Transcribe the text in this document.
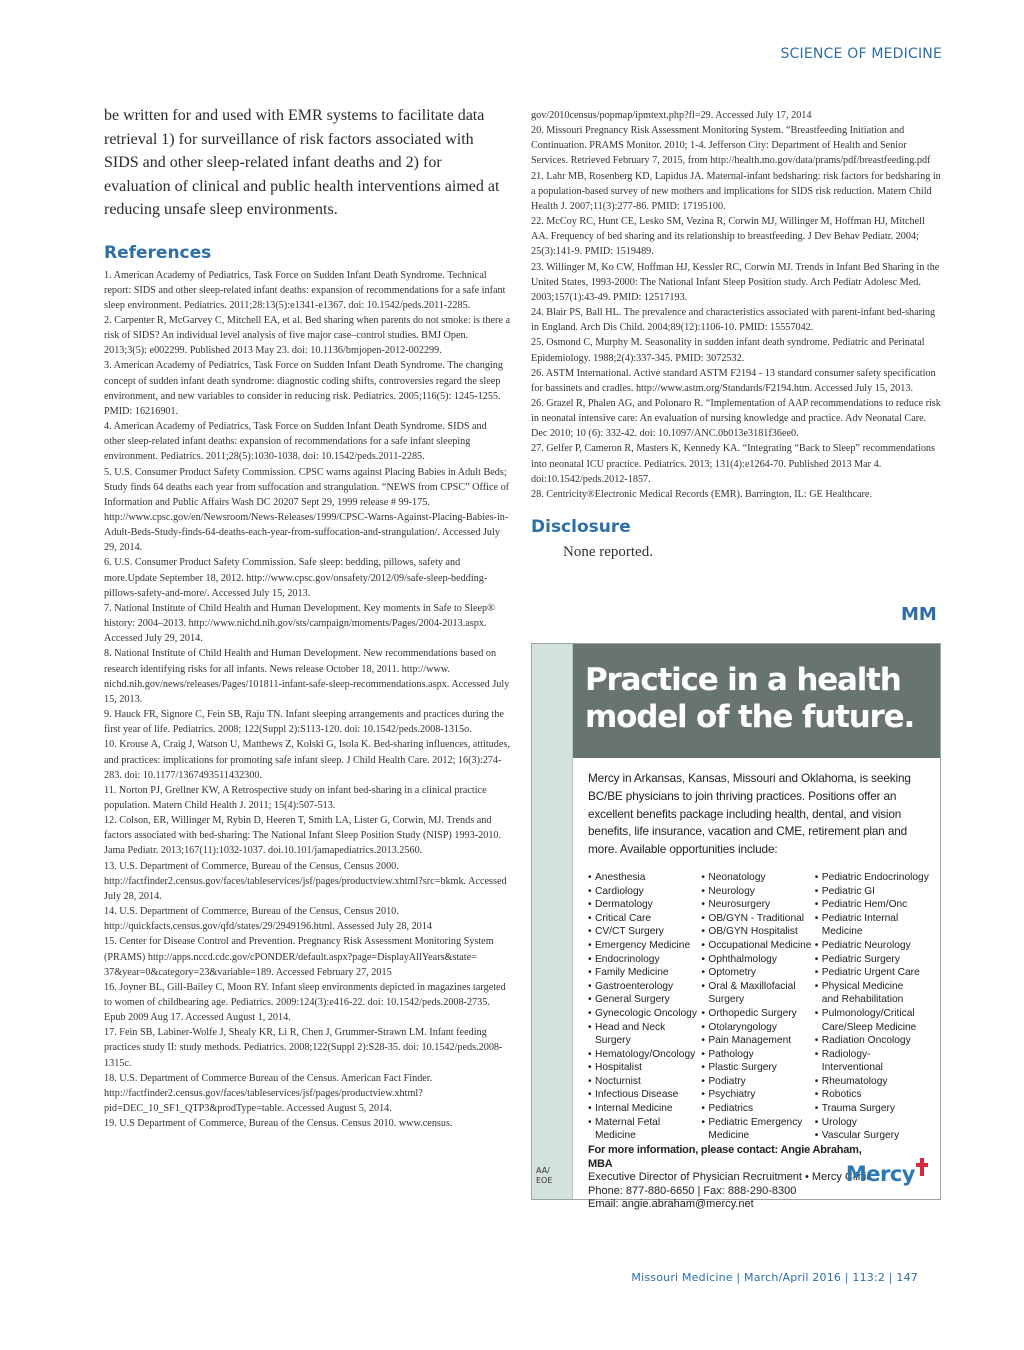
SCIENCE OF MEDICINE

be written for and used with EMR systems to facilitate data retrieval 1) for surveillance of risk factors associated with SIDS and other sleep-related infant deaths and 2) for evaluation of clinical and public health interventions aimed at reducing unsafe sleep environments.

References

1. American Academy of Pediatrics, Task Force on Sudden Infant Death Syndrome. Technical report: SIDS and other sleep-related infant deaths: expansion of recommendations for a safe infant sleep environment. Pediatrics. 2011;28:13(5):e1341-e1367. doi: 10.1542/peds.2011-2285.

2. Carpenter R, McGarvey C, Mitchell EA, et al. Bed sharing when parents do not smoke: is there a risk of SIDS? An individual level analysis of five major case–control studies. BMJ Open. 2013;3(5): e002299. Published 2013 May 23. doi: 10.1136/bmjopen-2012-002299.

3. American Academy of Pediatrics, Task Force on Sudden Infant Death Syndrome. The changing concept of sudden infant death syndrome: diagnostic coding shifts, controversies regard the sleep environment, and new variables to consider in reducing risk. Pediatrics. 2005;116(5): 1245-1255. PMID: 16216901.

4. American Academy of Pediatrics, Task Force on Sudden Infant Death Syndrome. SIDS and other sleep-related infant deaths: expansion of recommendations for a safe infant sleeping environment. Pediatrics. 2011;28(5):1030-1038. doi: 10.1542/peds.2011-2285.

5. U.S. Consumer Product Safety Commission. CPSC warns against Placing Babies in Adult Beds; Study finds 64 deaths each year from suffocation and strangulation. “NEWS from CPSC” Office of Information and Public Affairs Wash DC 20207 Sept 29, 1999 release # 99-175. http://www.cpsc.gov/en/Newsroom/News-Releases/1999/CPSC-Warns-Against-Placing-Babies-in-Adult-Beds-Study-finds-64-deaths-each-year-from-suffocation-and-strangulation/. Accessed July 29, 2014.

6. U.S. Consumer Product Safety Commission. Safe sleep: bedding, pillows, safety and more.Update September 18, 2012. http://www.cpsc.gov/onsafety/2012/09/safe-sleep-bedding-pillows-safety-and-more/. Accessed July 15, 2013.

7. National Institute of Child Health and Human Development. Key moments in Safe to Sleep® history: 2004–2013. http://www.nichd.nih.gov/sts/campaign/moments/Pages/2004-2013.aspx. Accessed July 29, 2014.

8. National Institute of Child Health and Human Development. New recommendations based on research identifying risks for all infants. News release October 18, 2011. http://www. nichd.nih.gov/news/releases/Pages/101811-infant-safe-sleep-recommendations.aspx. Accessed July 15, 2013.

9. Hauck FR, Signore C, Fein SB, Raju TN. Infant sleeping arrangements and practices during the first year of life. Pediatrics. 2008; 122(Suppl 2):S113-120. doi: 10.1542/peds.2008-1315o.

10. Krouse A, Craig J, Watson U, Matthews Z, Kolski G, Isola K. Bed-sharing influences, attitudes, and practices: implications for promoting safe infant sleep. J Child Health Care. 2012; 16(3):274-283. doi: 10.1177/1367493511432300.

11. Norton PJ, Grellner KW, A Retrospective study on infant bed-sharing in a clinical practice population. Matern Child Health J. 2011; 15(4):507-513.

12. Colson, ER, Willinger M, Rybin D, Heeren T, Smith LA, Lister G, Corwin, MJ. Trends and factors associated with bed-sharing: The National Infant Sleep Position Study (NISP) 1993-2010. Jama Pediatr. 2013;167(11):1032-1037. doi.10.101/jamapediatrics.2013.2560.

13. U.S. Department of Commerce, Bureau of the Census, Census 2000. http://factfinder2.census.gov/faces/tableservices/jsf/pages/productview.xhtml?src=bkmk. Accessed July 28, 2014.

14. U.S. Department of Commerce, Bureau of the Census, Census 2010. http://quickfacts.census.gov/qfd/states/29/2949196.html. Assessed July 28, 2014

15. Center for Disease Control and Prevention. Pregnancy Risk Assessment Monitoring System (PRAMS) http://apps.nccd.cdc.gov/cPONDER/default.aspx?page=DisplayAllYears&state= 37&year=0&category=23&variable=189. Accessed February 27, 2015

16. Joyner BL, Gill-Bailey C, Moon RY. Infant sleep environments depicted in magazines targeted to women of childbearing age. Pediatrics. 2009:124(3):e416-22. doi: 10.1542/peds.2008-2735. Epub 2009 Aug 17. Accessed August 1, 2014.

17. Fein SB, Labiner-Wolfe J, Shealy KR, Li R, Chen J, Grummer-Strawn LM. Infant feeding practices study II: study methods. Pediatrics. 2008;122(Suppl 2):S28-35. doi: 10.1542/peds.2008-1315c.

18. U.S. Department of Commerce Bureau of the Census. American Fact Finder. http://factfinder2.census.gov/faces/tableservices/jsf/pages/productview.xhtml?pid=DEC_10_SF1_QTP3&prodType=table. Accessed August 5, 2014.

19. U.S Department of Commerce, Bureau of the Census. Census 2010. www.census.

gov/2010census/popmap/ipmtext.php?fl=29. Accessed July 17, 2014

20. Missouri Pregnancy Risk Assessment Monitoring System. “Breastfeeding Initiation and Continuation. PRAMS Monitor. 2010; 1-4. Jefferson City: Department of Health and Senior Services. Retrieved February 7, 2015, from http://health.mo.gov/data/prams/pdf/breastfeeding.pdf

21. Lahr MB, Rosenberg KD, Lapidus JA. Maternal-infant bedsharing: risk factors for bedsharing in a population-based survey of new mothers and implications for SIDS risk reduction. Matern Child Health J. 2007;11(3):277-86. PMID: 17195100.

22. McCoy RC, Hunt CE, Lesko SM, Vezina R, Corwin MJ, Willinger M, Hoffman HJ, Mitchell AA. Frequency of bed sharing and its relationship to breastfeeding. J Dev Behav Pediatr. 2004; 25(3):141-9. PMID: 1519489.

23. Willinger M, Ko CW, Hoffman HJ, Kessler RC, Corwin MJ. Trends in Infant Bed Sharing in the United States, 1993-2000: The National Infant Sleep Position study. Arch Pediatr Adolesc Med. 2003;157(1):43-49. PMID: 12517193.

24. Blair PS, Ball HL. The prevalence and characteristics associated with parent-infant bed-sharing in England. Arch Dis Child. 2004;89(12):1106-10. PMID: 15557042.

25. Osmond C, Murphy M. Seasonality in sudden infant death syndrome. Pediatric and Perinatal Epidemiology. 1988;2(4):337-345. PMID: 3072532.

26. ASTM International. Active standard ASTM F2194 - 13 standard consumer safety specification for bassinets and cradles. http://www.astm.org/Standards/F2194.htm. Accessed July 15, 2013.

26. Grazel R, Phalen AG, and Polonaro R. “Implementation of AAP recommendations to reduce risk in neonatal intensive care: An evaluation of nursing knowledge and practice. Adv Neonatal Care. Dec 2010; 10 (6): 332-42. doi: 10.1097/ANC.0b013e3181f36ee0.

27. Gelfer P, Cameron R, Masters K, Kennedy KA. “Integrating “Back to Sleep” recommendations into neonatal ICU practice. Pediatrics. 2013; 131(4):e1264-70. Published 2013 Mar 4. doi:10.1542/peds.2012-1857.

28. Centricity®Electronic Medical Records (EMR). Barrington, IL: GE Healthcare.

Disclosure

None reported.

MM
AA/
EOE
Practice in a health
model of the future.

Mercy in Arkansas, Kansas, Missouri and Oklahoma, is seeking BC/BE physicians to join thriving practices. Positions offer an excellent benefits package including health, dental, and vision benefits, life insurance, vacation and CME, retirement plan and more. Available opportunities include:

• Anesthesia
• Cardiology
• Dermatology
• Critical Care
• CV/CT Surgery
• Emergency Medicine
• Endocrinology
• Family Medicine
• Gastroenterology
• General Surgery
• Gynecologic Oncology
• Head and Neck
Surgery
• Hematology/Oncology
• Hospitalist
• Nocturnist
• Infectious Disease
• Internal Medicine
• Maternal Fetal
Medicine
• Neonatology
• Neurology
• Neurosurgery
• OB/GYN - Traditional
• OB/GYN Hospitalist
• Occupational Medicine
• Ophthalmology
• Optometry
• Oral & Maxillofacial
Surgery
• Orthopedic Surgery
• Otolaryngology
• Pain Management
• Pathology
• Plastic Surgery
• Podiatry
• Psychiatry
• Pediatrics
• Pediatric Emergency
Medicine
• Pediatric Endocrinology
• Pediatric GI
• Pediatric Hem/Onc
• Pediatric Internal
Medicine
• Pediatric Neurology
• Pediatric Surgery
• Pediatric Urgent Care
• Physical Medicine
and Rehabilitation
• Pulmonology/Critical
Care/Sleep Medicine
• Radiation Oncology
• Radiology-
Interventional
• Rheumatology
• Robotics
• Trauma Surgery
• Urology
• Vascular Surgery
For more information, please contact: Angie Abraham, MBA
Executive Director of Physician Recruitment • Mercy Clinic
Phone: 877-880-6650 | Fax: 888-290-8300
Email: angie.abraham@mercy.net
Mercy
Missouri Medicine | March/April 2016 | 113:2 | 147
